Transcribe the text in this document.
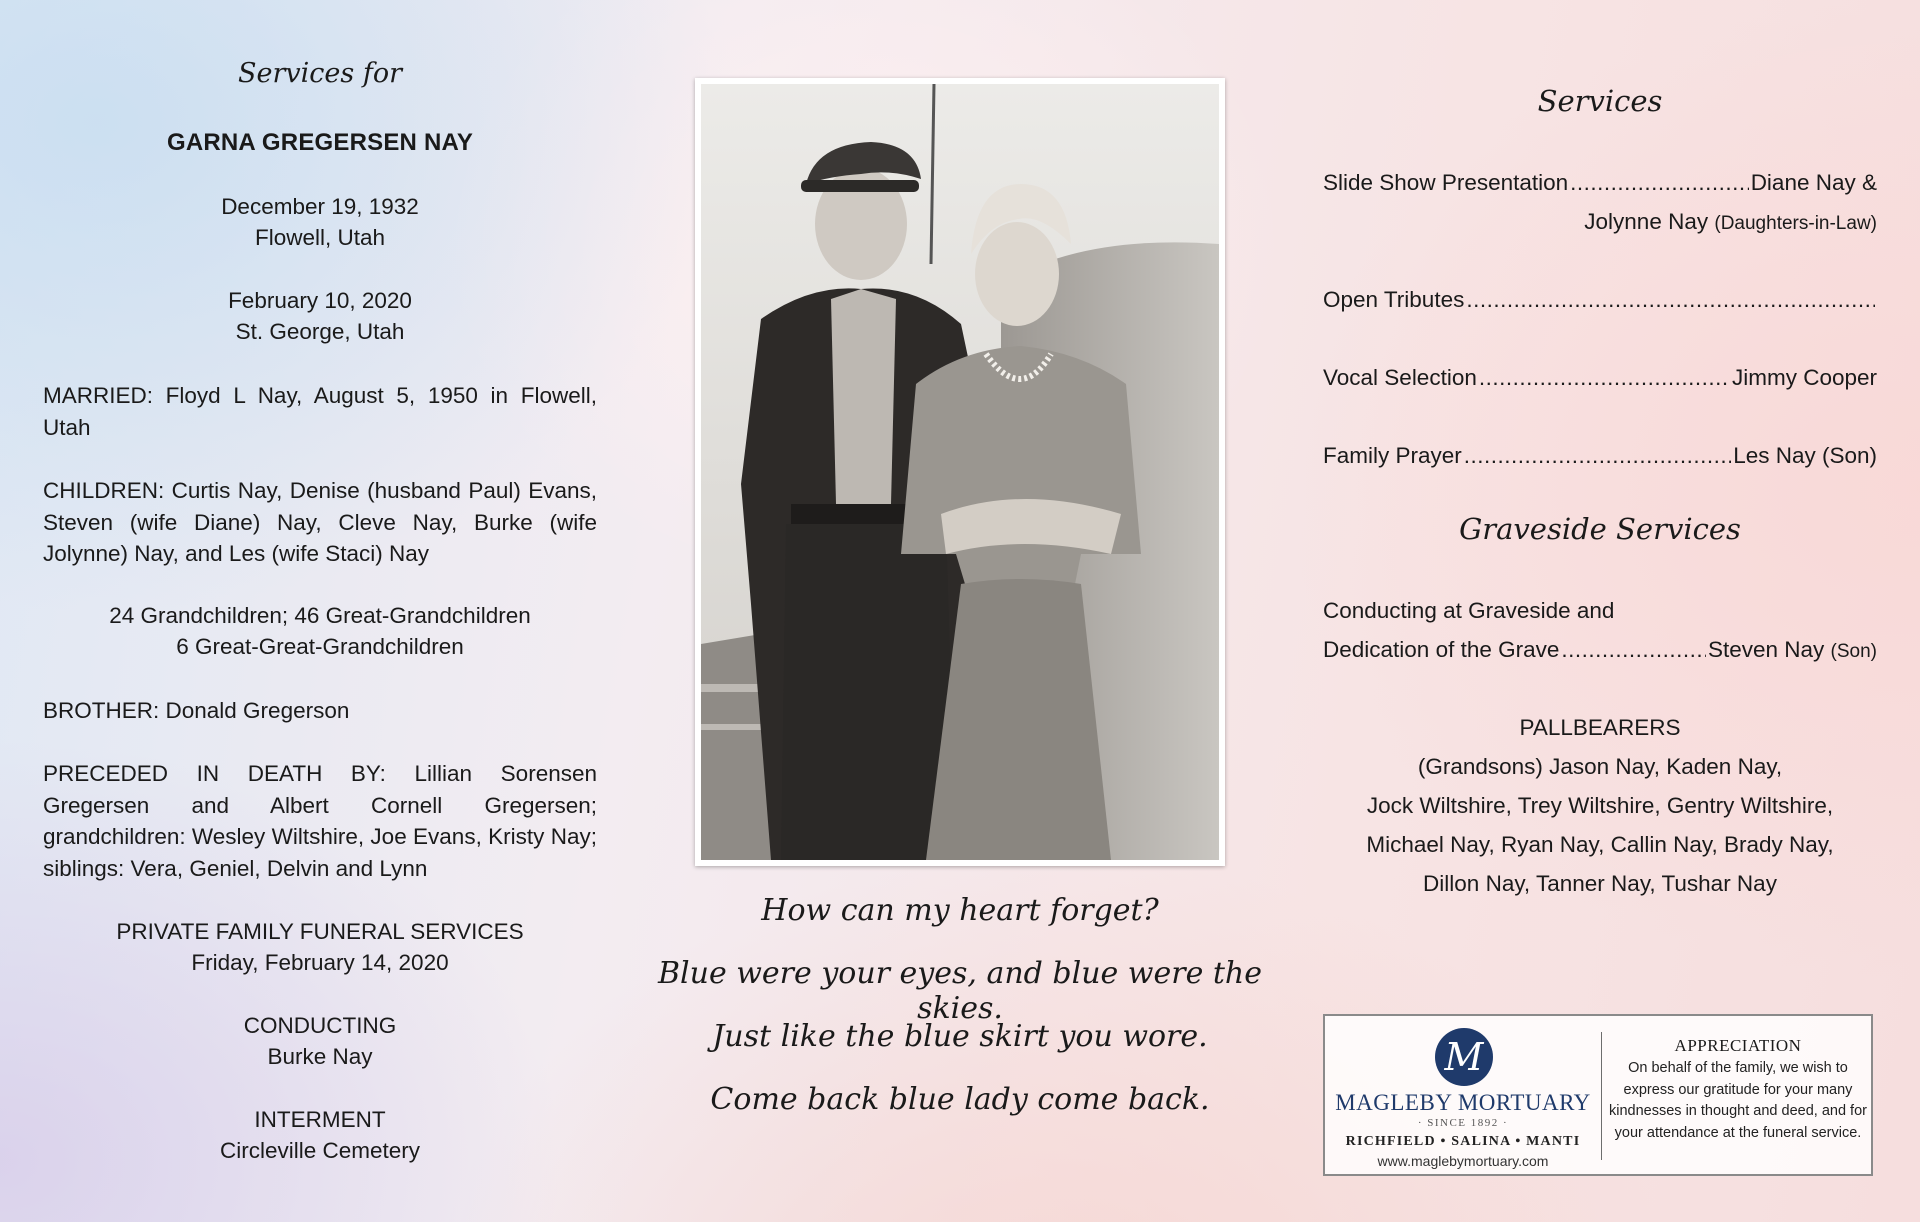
Services for
GARNA GREGERSEN NAY
December 19, 1932
Flowell, Utah
February 10, 2020
St. George, Utah
MARRIED: Floyd L Nay, August 5, 1950 in Flowell, Utah
CHILDREN: Curtis Nay, Denise (husband Paul) Evans, Steven (wife Diane) Nay, Cleve Nay, Burke (wife Jolynne) Nay, and Les (wife Staci) Nay
24 Grandchildren; 46 Great-Grandchildren
6 Great-Great-Grandchildren
BROTHER: Donald Gregerson
PRECEDED IN DEATH BY: Lillian Sorensen Gregersen and Albert Cornell Gregersen; grandchildren: Wesley Wiltshire, Joe Evans, Kristy Nay; siblings: Vera, Geniel, Delvin and Lynn
PRIVATE FAMILY FUNERAL SERVICES
Friday, February 14, 2020
CONDUCTING
Burke Nay
INTERMENT
Circleville Cemetery
How can my heart forget?
Blue were your eyes, and blue were the skies.
Just like the blue skirt you wore.
Come back blue lady come back.
Services
Slide Show Presentation .....	Diane Nay &
Jolynne Nay (Daughters-in-Law)
Open Tributes
.....
Vocal Selection .....	Jimmy Cooper
Family Prayer .....	Les Nay (Son)
Graveside Services
Conducting at Graveside and
Dedication of the Grave .....	Steven Nay
(Son)
PALLBEARERS
(Grandsons) Jason Nay, Kaden Nay,
Jock Wiltshire, Trey Wiltshire, Gentry Wiltshire,
Michael Nay, Ryan Nay, Callin Nay, Brady Nay,
Dillon Nay, Tanner Nay, Tushar Nay
M
MAGLEBY MORTUARY
· SINCE 1892 ·
RICHFIELD • SALINA • MANTI
www.maglebymortuary.com
APPRECIATION
On behalf of the family, we wish to express our gratitude for your many kindnesses in thought and deed, and for your attendance at the funeral service.
